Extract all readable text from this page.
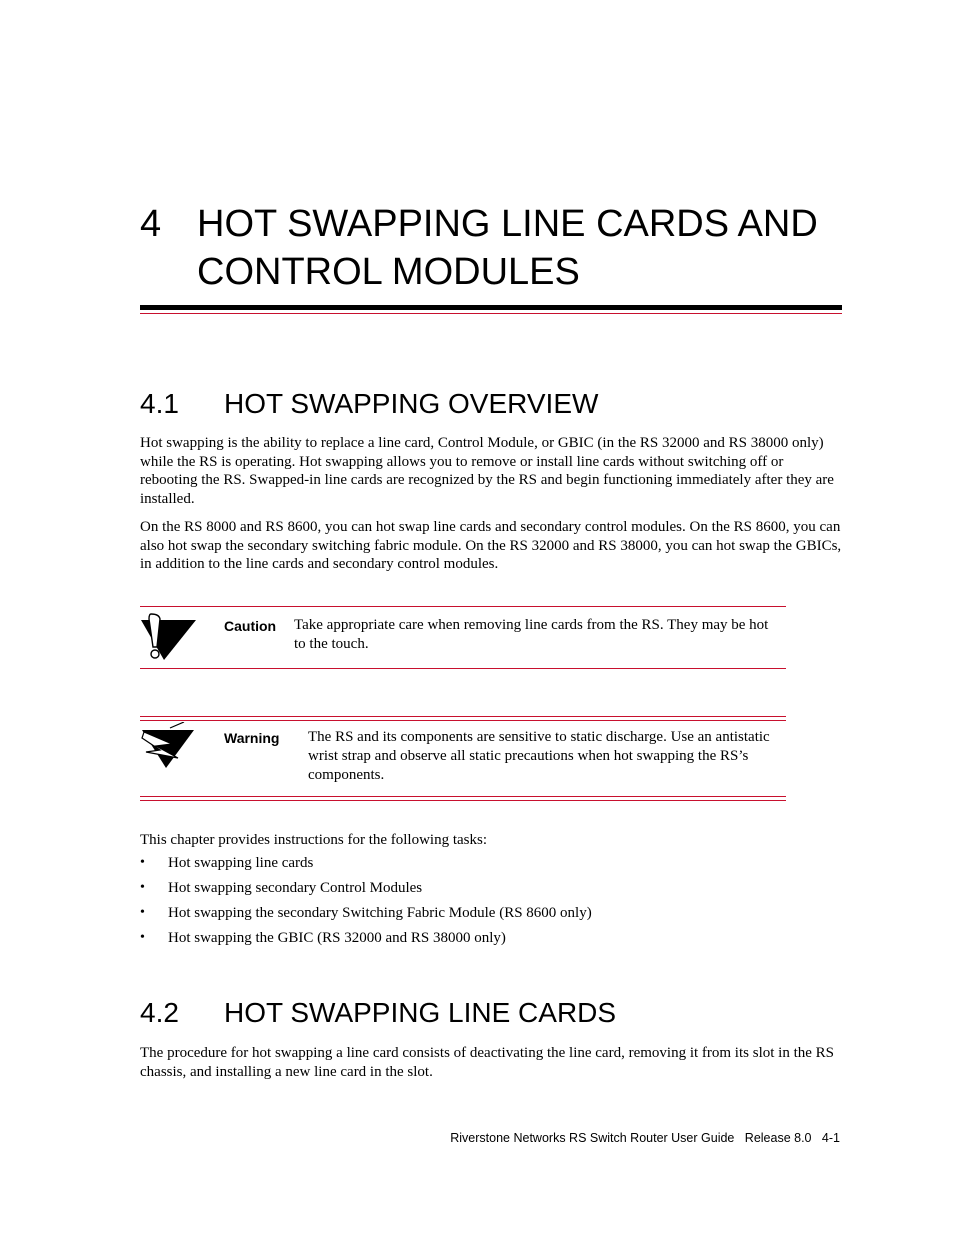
4 HOT SWAPPING LINE CARDS AND CONTROL MODULES
4.1 HOT SWAPPING OVERVIEW
Hot swapping is the ability to replace a line card, Control Module, or GBIC (in the RS 32000 and RS 38000 only) while the RS is operating. Hot swapping allows you to remove or install line cards without switching off or rebooting the RS. Swapped-in line cards are recognized by the RS and begin functioning immediately after they are installed.
On the RS 8000 and RS 8600, you can hot swap line cards and secondary control modules. On the RS 8600, you can also hot swap the secondary switching fabric module. On the RS 32000 and RS 38000, you can hot swap the GBICs, in addition to the line cards and secondary control modules.
Caution Take appropriate care when removing line cards from the RS. They may be hot to the touch.
Warning The RS and its components are sensitive to static discharge. Use an antistatic wrist strap and observe all static precautions when hot swapping the RS’s components.
This chapter provides instructions for the following tasks:
• Hot swapping line cards
• Hot swapping secondary Control Modules
• Hot swapping the secondary Switching Fabric Module (RS 8600 only)
• Hot swapping the GBIC (RS 32000 and RS 38000 only)
4.2 HOT SWAPPING LINE CARDS
The procedure for hot swapping a line card consists of deactivating the line card, removing it from its slot in the RS chassis, and installing a new line card in the slot.
Riverstone Networks RS Switch Router User Guide   Release 8.0   4-1
